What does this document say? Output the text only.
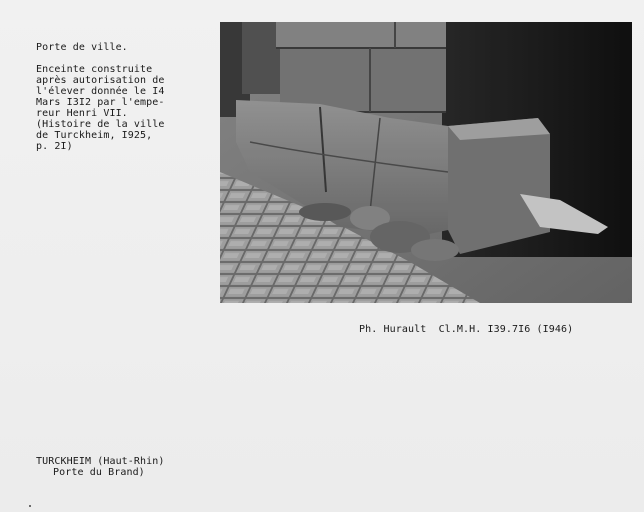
Porte de ville.
Enceinte construite
après autorisation de
l'élever donnée le I4
Mars I3I2 par l'empe-
reur Henri VII.
(Histoire de la ville
de Turckheim, I925,
p. 2I)
Ph. Hurault  Cl.M.H. I39.7I6 (I946)
TURCKHEIM (Haut-Rhin)
Porte du Brand)
